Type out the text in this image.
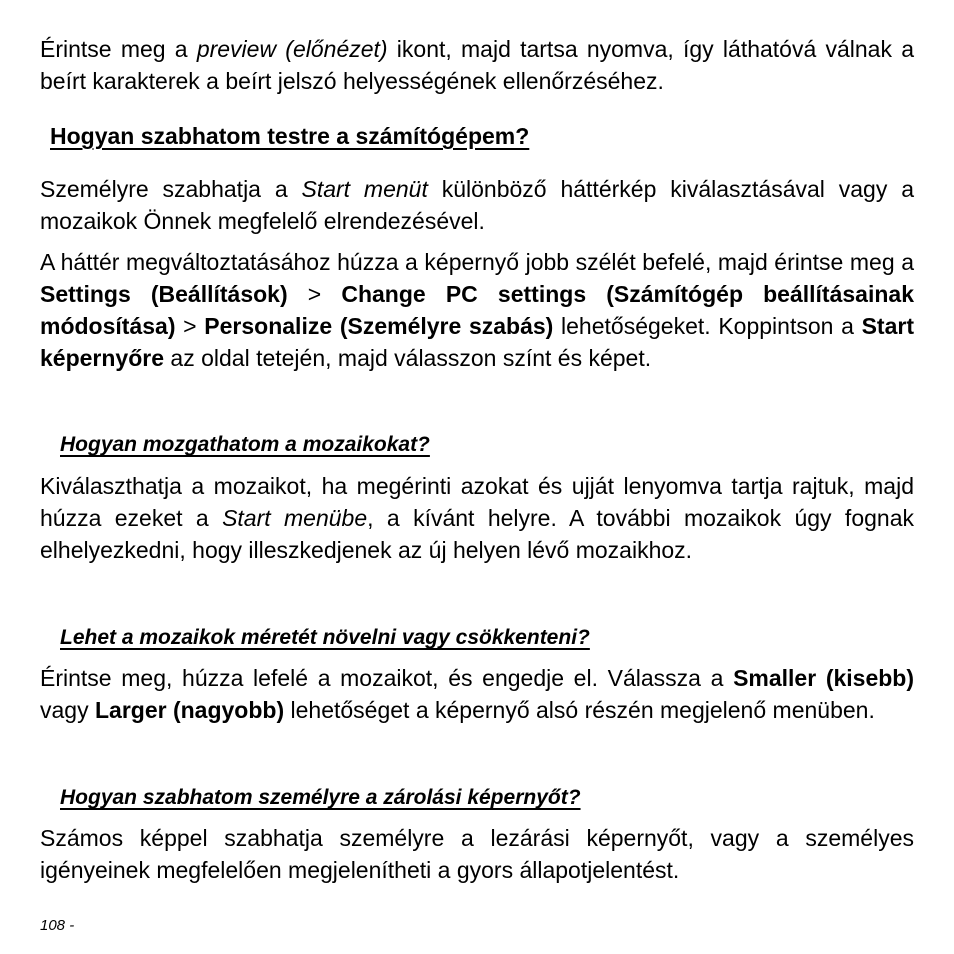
Érintse meg a preview (előnézet) ikont, majd tartsa nyomva, így láthatóvá válnak a beírt karakterek a beírt jelszó helyességének ellenőrzéséhez.

Hogyan szabhatom testre a számítógépem?

Személyre szabhatja a Start menüt különböző háttérkép kiválasztásával vagy a mozaikok Önnek megfelelő elrendezésével.

A háttér megváltoztatásához húzza a képernyő jobb szélét befelé, majd érintse meg a Settings (Beállítások) > Change PC settings (Számítógép beállításainak módosítása) > Personalize (Személyre szabás) lehetőségeket. Koppintson a Start képernyőre az oldal tetején, majd válasszon színt és képet.

Hogyan mozgathatom a mozaikokat?

Kiválaszthatja a mozaikot, ha megérinti azokat és ujját lenyomva tartja rajtuk, majd húzza ezeket a Start menübe, a kívánt helyre. A további mozaikok úgy fognak elhelyezkedni, hogy illeszkedjenek az új helyen lévő mozaikhoz.

Lehet a mozaikok méretét növelni vagy csökkenteni?

Érintse meg, húzza lefelé a mozaikot, és engedje el. Válassza a Smaller (kisebb) vagy Larger (nagyobb) lehetőséget a képernyő alsó részén megjelenő menüben.

Hogyan szabhatom személyre a zárolási képernyőt?

Számos képpel szabhatja személyre a lezárási képernyőt, vagy a személyes igényeinek megfelelően megjelenítheti a gyors állapotjelentést.

108 -
